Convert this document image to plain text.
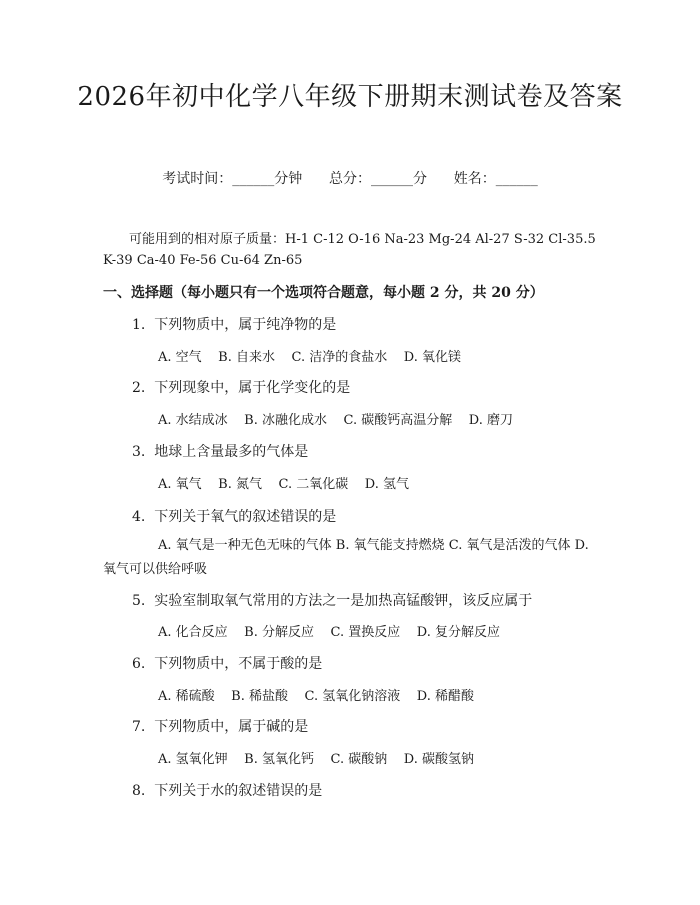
2026年初中化学八年级下册期末测试卷及答案
考试时间：______分钟      总分：______分      姓名：______
可能用到的相对原子质量：H-1 C-12 O-16 Na-23 Mg-24 Al-27 S-32 Cl-35.5 K-39 Ca-40 Fe-56 Cu-64 Zn-65
一、选择题（每小题只有一个选项符合题意，每小题 2 分，共 20 分）
1.  下列物质中，属于纯净物的是
A. 空气    B. 自来水    C. 洁净的食盐水    D. 氧化镁
2.  下列现象中，属于化学变化的是
A. 水结成冰    B. 冰融化成水    C. 碳酸钙高温分解    D. 磨刀
3.  地球上含量最多的气体是
A. 氧气    B. 氮气    C. 二氧化碳    D. 氢气
4.  下列关于氧气的叙述错误的是
A. 氧气是一种无色无味的气体 B. 氧气能支持燃烧 C. 氧气是活泼的气体 D. 氧气可以供给呼吸
5.  实验室制取氧气常用的方法之一是加热高锰酸钾，该反应属于
A. 化合反应    B. 分解反应    C. 置换反应    D. 复分解反应
6.  下列物质中，不属于酸的是
A. 稀硫酸    B. 稀盐酸    C. 氢氧化钠溶液    D. 稀醋酸
7.  下列物质中，属于碱的是
A. 氢氧化钾    B. 氢氧化钙    C. 碳酸钠    D. 碳酸氢钠
8.  下列关于水的叙述错误的是
